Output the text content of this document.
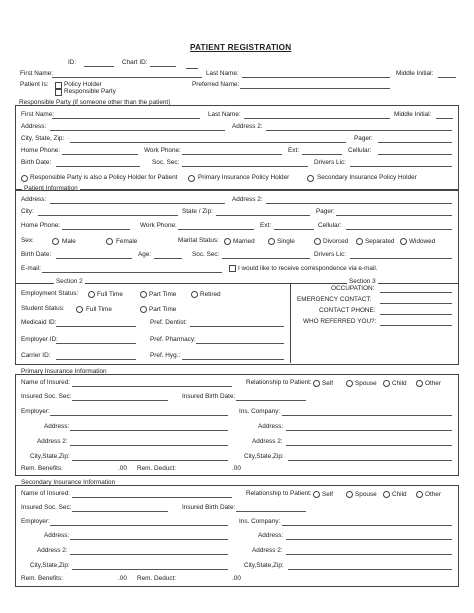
PATIENT REGISTRATION
ID:	Chart ID:
First Name:	Last Name:	Middle Initial:
Patient Is: Policy Holder
Responsible Party
Preferred Name:
Responsible Party (if someone other than the patient)
First Name:	Last Name:	Middle Initial:
Address:	Address 2:
City, State, Zip:	Pager:
Home Phone:	Work Phone:	Ext:	Cellular:
Birth Date:	Soc. Sec:	Drivers Lic:
Responsible Party is also a Policy Holder for Patient	Primary Insurance Policy Holder	Secondary Insurance Policy Holder
Patient Information
Address:	Address 2:
City:	State / Zip:	Pager:
Home Phone:	Work Phone:	Ext:	Cellular:
Sex:	Male	Female	Marital Status: Married	Single	Divorced	Separated Widowed
Birth Date:	Age:	Soc. Sec:	Drivers Lic:
E-mail:	I would like to receive correspondence via e-mail.
Section 2	Section 3
Employment Status:	Full Time	Part Time	Retired
Student Status:	Full Time	Part Time
Medicaid ID:	Pref. Dentist:
Employer ID:	Pref. Pharmacy:
Carrier ID:	Pref. Hyg.:
OCCUPATION:
EMERGENCY CONTACT:
CONTACT PHONE:
WHO REFERRED YOU?:
Primary Insurance Information
Name of Insured:	Relationship to Patient: Self	Spouse Child	Other
Insured Soc. Sec:	Insured Birth Date:
Employer:	Ins. Company:
Address:	Address:
Address 2:	Address 2:
City,State,Zip:	City,State,Zip:
Rem. Benefits:	.00 Rem. Deduct:	.00
Secondary Insurance Information
Name of Insured:	Relationship to Patient: Self	Spouse Child	Other
Insured Soc. Sec:	Insured Birth Date:
Employer:	Ins. Company:
Address:	Address:
Address 2:	Address 2:
City,State,Zip:	City,State,Zip:
Rem. Benefits:	.00 Rem. Deduct:	.00
